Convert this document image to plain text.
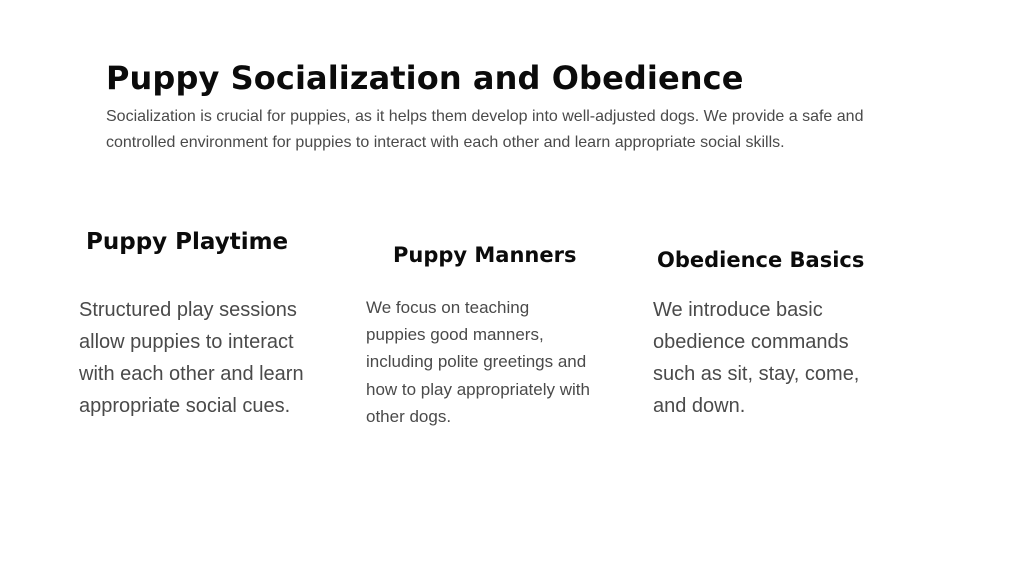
Puppy Socialization and Obedience

Socialization is crucial for puppies, as it helps them develop into well-adjusted dogs. We provide a safe and controlled environment for puppies to interact with each other and learn appropriate social skills.

Puppy Playtime

Structured play sessions allow puppies to interact with each other and learn appropriate social cues.

Puppy Manners

We focus on teaching puppies good manners, including polite greetings and how to play appropriately with other dogs.

Obedience Basics

We introduce basic obedience commands such as sit, stay, come, and down.
